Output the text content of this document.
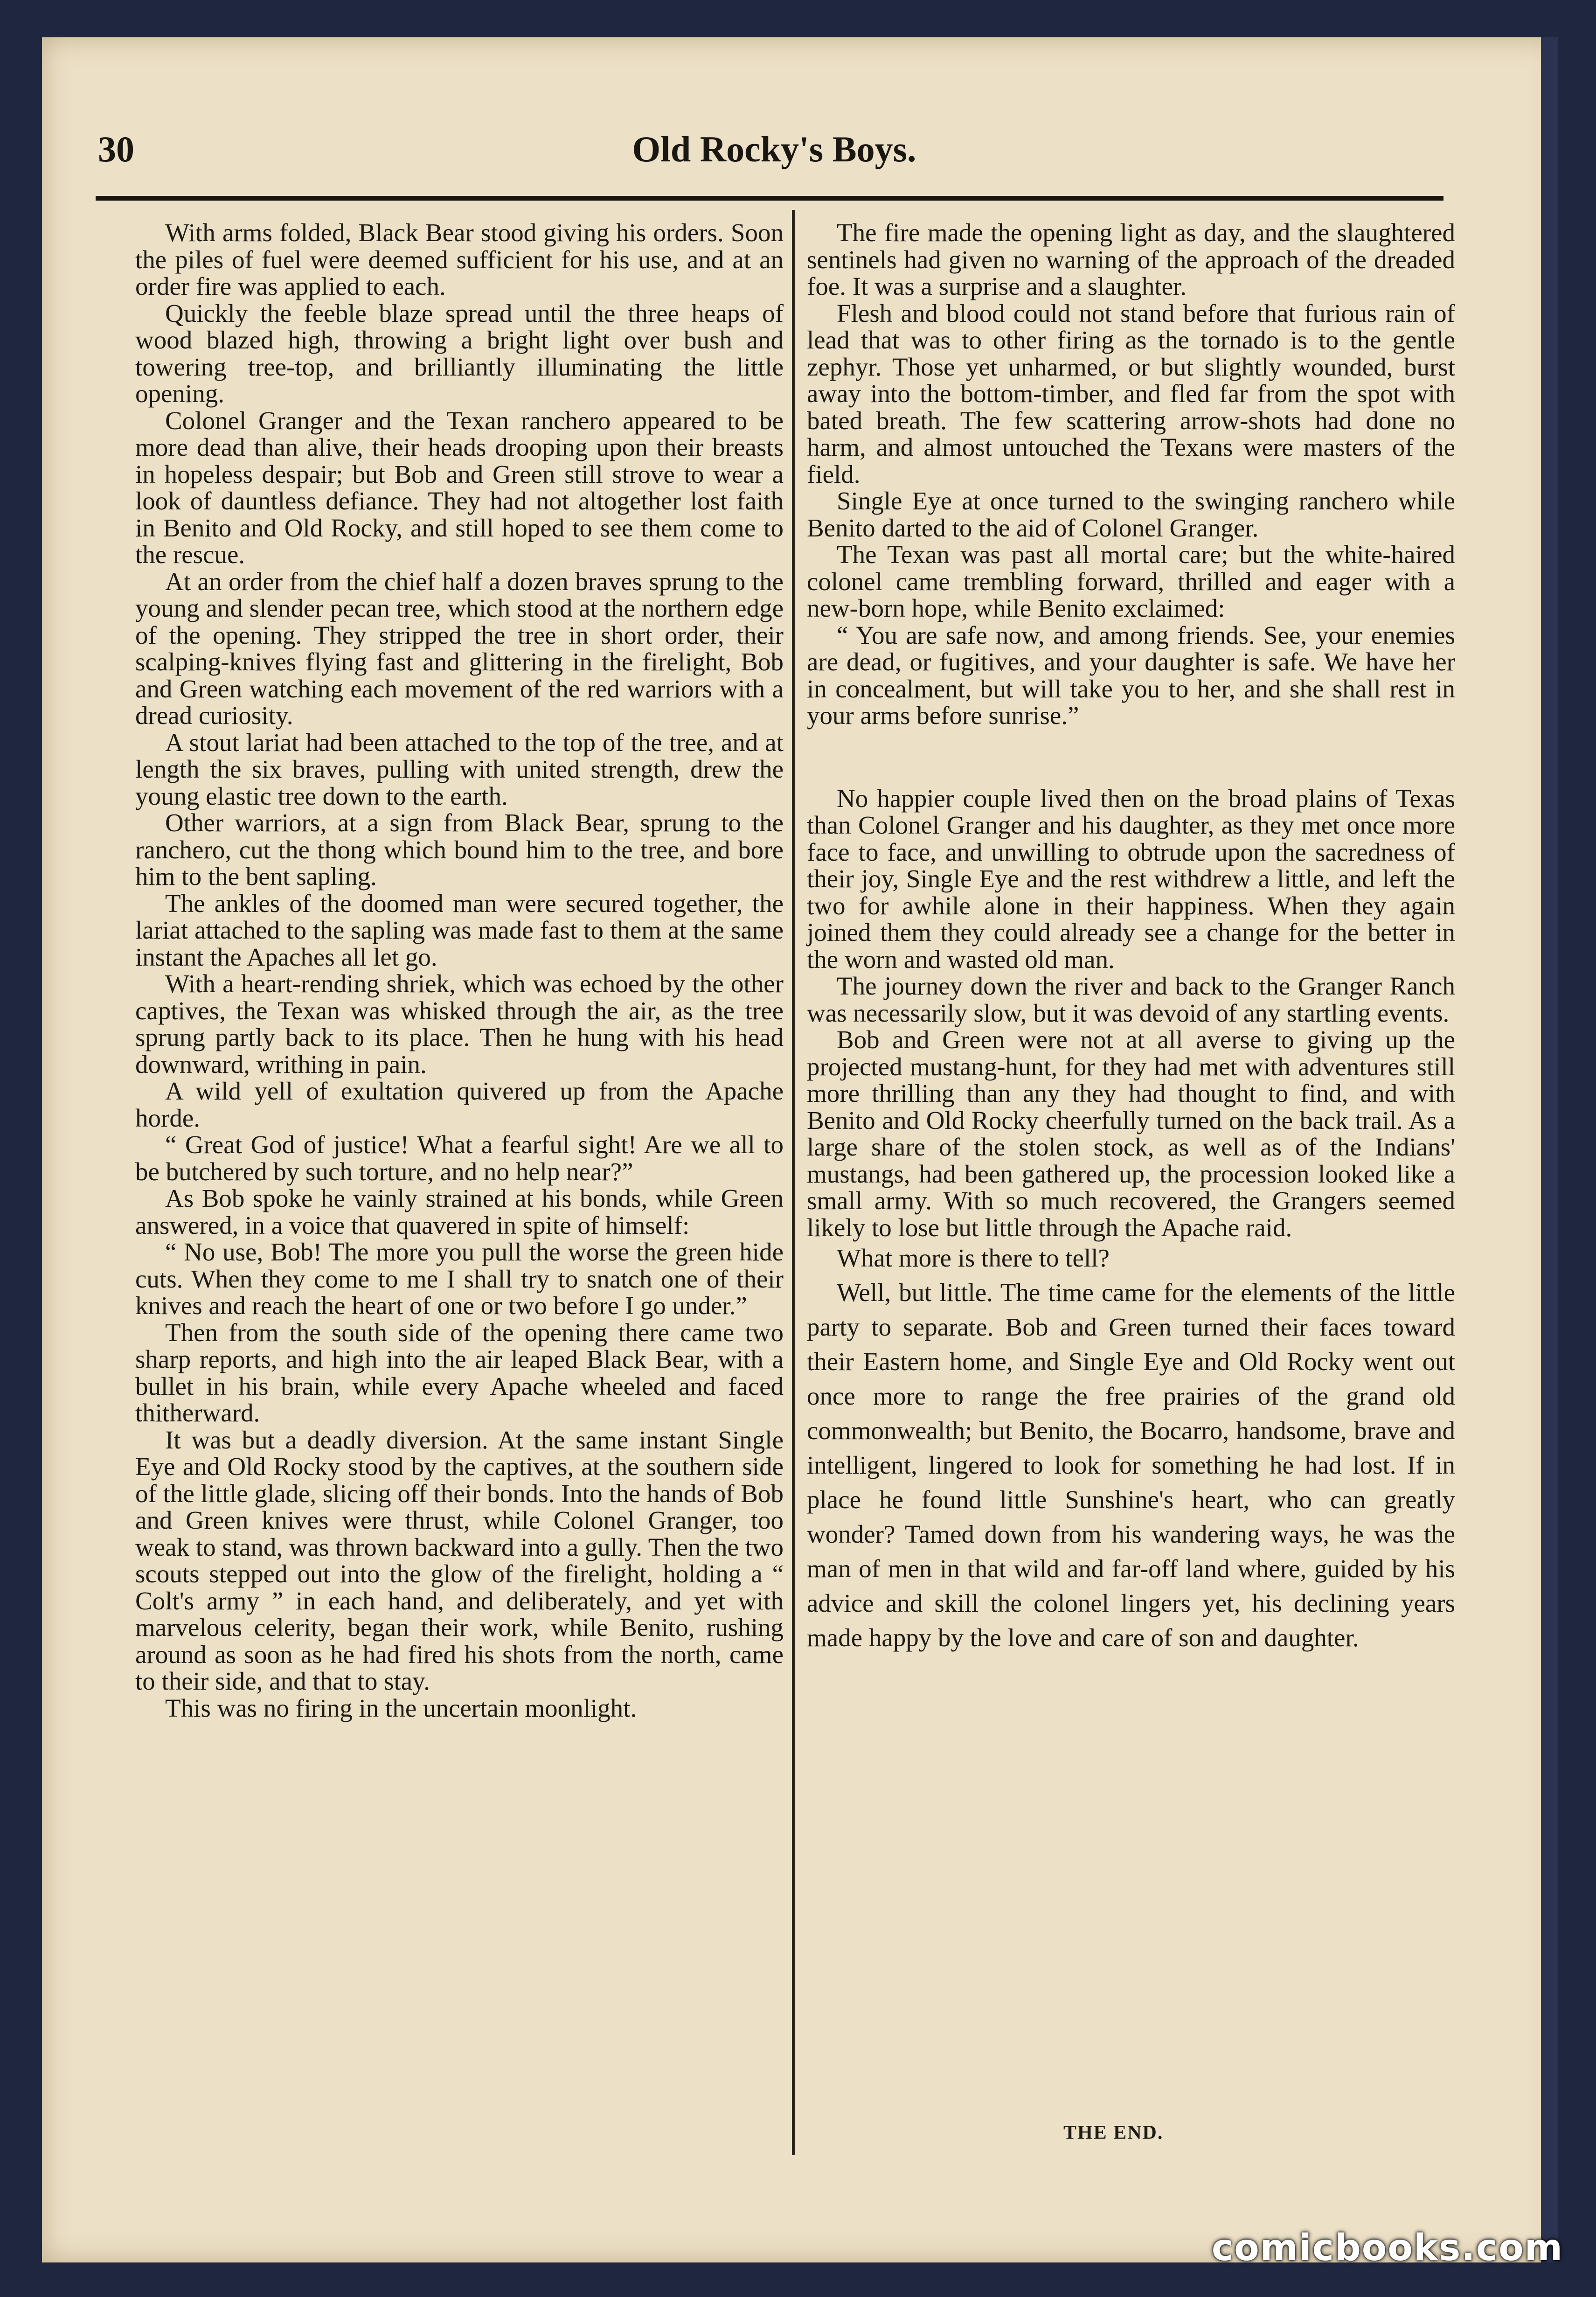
30	Old Rocky's Boys.

With arms folded, Black Bear stood giving his orders. Soon the piles of fuel were deemed sufficient for his use, and at an order fire was applied to each.

Quickly the feeble blaze spread until the three heaps of wood blazed high, throwing a bright light over bush and towering tree-top, and brilliantly illuminating the little opening.

Colonel Granger and the Texan ranchero appeared to be more dead than alive, their heads drooping upon their breasts in hopeless despair; but Bob and Green still strove to wear a look of dauntless defiance. They had not altogether lost faith in Benito and Old Rocky, and still hoped to see them come to the rescue.

At an order from the chief half a dozen braves sprung to the young and slender pecan tree, which stood at the northern edge of the opening. They stripped the tree in short order, their scalping-knives flying fast and glittering in the firelight, Bob and Green watching each movement of the red warriors with a dread curiosity.

A stout lariat had been attached to the top of the tree, and at length the six braves, pulling with united strength, drew the young elastic tree down to the earth.

Other warriors, at a sign from Black Bear, sprung to the ranchero, cut the thong which bound him to the tree, and bore him to the bent sapling.

The ankles of the doomed man were secured together, the lariat attached to the sapling was made fast to them at the same instant the Apaches all let go.

With a heart-rending shriek, which was echoed by the other captives, the Texan was whisked through the air, as the tree sprung partly back to its place. Then he hung with his head downward, writhing in pain.

A wild yell of exultation quivered up from the Apache horde.

“ Great God of justice! What a fearful sight! Are we all to be butchered by such torture, and no help near?”

As Bob spoke he vainly strained at his bonds, while Green answered, in a voice that quavered in spite of himself:

“ No use, Bob! The more you pull the worse the green hide cuts. When they come to me I shall try to snatch one of their knives and reach the heart of one or two before I go under.”

Then from the south side of the opening there came two sharp reports, and high into the air leaped Black Bear, with a bullet in his brain, while every Apache wheeled and faced thitherward.

It was but a deadly diversion. At the same instant Single Eye and Old Rocky stood by the captives, at the southern side of the little glade, slicing off their bonds. Into the hands of Bob and Green knives were thrust, while Colonel Granger, too weak to stand, was thrown backward into a gully. Then the two scouts stepped out into the glow of the firelight, holding a “ Colt's army ” in each hand, and deliberately, and yet with marvelous celerity, began their work, while Benito, rushing around as soon as he had fired his shots from the north, came to their side, and that to stay.

This was no firing in the uncertain moonlight.

The fire made the opening light as day, and the slaughtered sentinels had given no warning of the approach of the dreaded foe. It was a surprise and a slaughter.

Flesh and blood could not stand before that furious rain of lead that was to other firing as the tornado is to the gentle zephyr. Those yet unharmed, or but slightly wounded, burst away into the bottom-timber, and fled far from the spot with bated breath. The few scattering arrow-shots had done no harm, and almost untouched the Texans were masters of the field.

Single Eye at once turned to the swinging ranchero while Benito darted to the aid of Colonel Granger.

The Texan was past all mortal care; but the white-haired colonel came trembling forward, thrilled and eager with a new-born hope, while Benito exclaimed:

“ You are safe now, and among friends. See, your enemies are dead, or fugitives, and your daughter is safe. We have her in concealment, but will take you to her, and she shall rest in your arms before sunrise.”

No happier couple lived then on the broad plains of Texas than Colonel Granger and his daughter, as they met once more face to face, and unwilling to obtrude upon the sacredness of their joy, Single Eye and the rest withdrew a little, and left the two for awhile alone in their happiness. When they again joined them they could already see a change for the better in the worn and wasted old man.

The journey down the river and back to the Granger Ranch was necessarily slow, but it was devoid of any startling events.

Bob and Green were not at all averse to giving up the projected mustang-hunt, for they had met with adventures still more thrilling than any they had thought to find, and with Benito and Old Rocky cheerfully turned on the back trail. As a large share of the stolen stock, as well as of the Indians' mustangs, had been gathered up, the procession looked like a small army. With so much recovered, the Grangers seemed likely to lose but little through the Apache raid.

What more is there to tell?

Well, but little. The time came for the elements of the little party to separate. Bob and Green turned their faces toward their Eastern home, and Single Eye and Old Rocky went out once more to range the free prairies of the grand old commonwealth; but Benito, the Bocarro, handsome, brave and intelligent, lingered to look for something he had lost. If in place he found little Sunshine's heart, who can greatly wonder? Tamed down from his wandering ways, he was the man of men in that wild and far-off land where, guided by his advice and skill the colonel lingers yet, his declining years made happy by the love and care of son and daughter.

THE END.
comicbooks.com
